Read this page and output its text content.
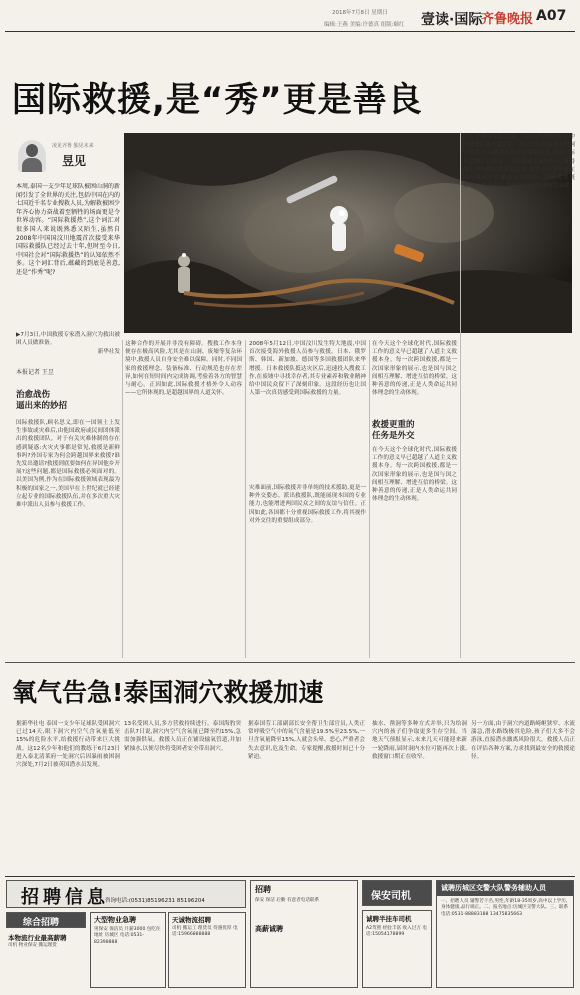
2018年7月8日 星期日
编辑:王燕 美编:许德真 组版:颐红	壹读·国际
齐鲁晚报 A07
国际救援,是“秀”更是善良
凌见齐鲁 独见未来
昱见
本周,泰国一支少年足球队被困山洞的新闻引发了全世界的关注,包括中国在内的七国近千名专业搜救人员,为解救被困少年齐心协力奋战着至牺牲的场面更是令世界动容。“国际救援热”,这个词汇对很多国人来说既熟悉又陌生,虽然自2008年中国国汶川地震首次接受来华国际救援队已经过去十年,但时至今日,中国社会对“国际救援热”的认知依然不多。这个词汇背后,蕴藏的到底是善意,还是“作秀”呢?
▶7月3日,中国救援专家潜入洞穴为救出被困人员做准备。
新华社发
本报记者 王昱
治愈战伤
逼出来的妙招
国际救援队,顾名思义,即在一国领土上发生事故或灾难后,由他国政府或民间团体派出的救援团队。对于有关灾难体制的存在感到疑惑:火灾火事都是常见,救援是新鲜事吗?外国专家为何会跨越国界来救援?谁先发出邀请?救援到底要如何在异国他乡开展?这些问题,都是国际救援必须面对的。以美国为例,作为在国际救援领域表现最为积极的国家之一,美国早在上世纪就已经建立起专业的国际救援队伍,并在多次重大灾难中派出人员参与救援工作。
这种合作的开展并非没有障碍。搜救工作本身便存在极高风险,尤其是在山洞、废墟等复杂环境中,救援人员自身安全难以保障。同时,不同国家的救援理念、装备标准、行动规范也存在差异,如何在短时间内完成协调,考验着各方的智慧与耐心。正因如此,国际救援才格外令人动容——它所体现的,是超越国界的人道关怀。
2008年5月12日,中国汶川发生特大地震,中国首次接受海外救援人员参与救援。日本、俄罗斯、韩国、新加坡、德国等多国救援团队来华增援。日本救援队抵达灾区后,迅速投入搜救工作,在废墟中寻找幸存者,其专业素养和敬业精神给中国民众留下了深刻印象。这段经历也让国人第一次真切感受到国际救援的力量。
灾难面前,国际救援并非单纯的技术援助,更是一种外交姿态。派出救援队,既能展现本国的专业能力,也能增进两国民众之间的友谊与信任。正因如此,各国都十分重视国际救援工作,将其视作对外交往的重要组成部分。
在今天这个全球化时代,国际救援工作的意义早已超越了人道主义救援本身。每一次跨国救援,都是一次国家形象的展示,也是国与国之间相互理解、增进互信的桥梁。这种善意的传递,正是人类命运共同体理念的生动体现。
救援更重的
任务是外交
在今天这个全球化时代,国际救援工作的意义早已超越了人道主义救援本身。每一次跨国救援,都是一次国家形象的展示,也是国与国之间相互理解、增进互信的桥梁。这种善意的传递,正是人类命运共同体理念的生动体现。
交汇于泰国北部山洞。在国际救援舞台上,中国救援队越来越活跃。从尼泊尔地震到泰国洞穴救援,中国救援队的身影频频出现,受到国际社会的广泛赞誉。中国救援力量的壮大,既得益于国内救灾体系的完善,也离不开多年来在国际救援中积累的宝贵经验。国际救援既是“秀”,也是善良;秀的是实力,传递的是温暖。
氧气告急!泰国洞穴救援加速
据新华社电 泰国一支少年足球队受困洞穴已过14天,眼下洞穴内空气含氧量低至15%的危险水平,给救援行动带来巨大挑战。这12名少年和他们的教练于6月23日进入泰北清莱府一处洞穴后因暴雨被困洞穴深处,7月2日被英国潜水员发现。
13名受困人员,多方营救持续进行。泰国海豹突击队7日说,洞穴内空气含氧量已降至约15%,急需加强供氧。救援人员正在铺设输氧管道,并加紧抽水,以便尽快将受困者安全带出洞穴。
据泰国劳工部副部长安全帮卫生部官员,人类正常呼吸空气中的氧气含量是19.5%至23.5%,一旦含氧量降至15%,人就会头晕、恶心,严重者会失去意识,危及生命。专家提醒,救援时间已十分紧迫。
抽水、凿洞等多种方式并举,只为给洞穴内的孩子们争取更多生存空间。当地天气预报显示,未来几天可能迎来新一轮降雨,届时洞内水位可能再次上涨,救援窗口期正在收窄。
另一方面,由于洞穴内道路崎岖狭窄、水流湍急,潜水路线极其危险,孩子们大多不会游泳,直接潜水撤离风险很大。救援人员正在评估各种方案,力求找到最安全的救援途径。
招聘信息
咨询电话:(0531)85196231 85196204
综合招聘
本物流行业最高薪聘
司机 物业保安 搬运理货
大型物业急聘
男保安 保洁员 月薪3000 包吃住 地址 历城区 电话:0531-82398888
天诚物流招聘
司机 搬运工 理货员 待遇优厚 电话:15966888888
招聘
保安 保洁 后勤 有意者电话联系
高薪诚聘
保安司机
诚聘半挂车司机
A2驾照 经验丰富 收入过万 电话:15054178899
诚聘历城区交警大队警务辅助人员
一、招聘人员 辅警若干名,男性,年龄18-35周岁,高中以上学历,身体健康,品行端正。二、报名地点:历城区交警大队。三、联系电话:0531-88883188 13475835663
